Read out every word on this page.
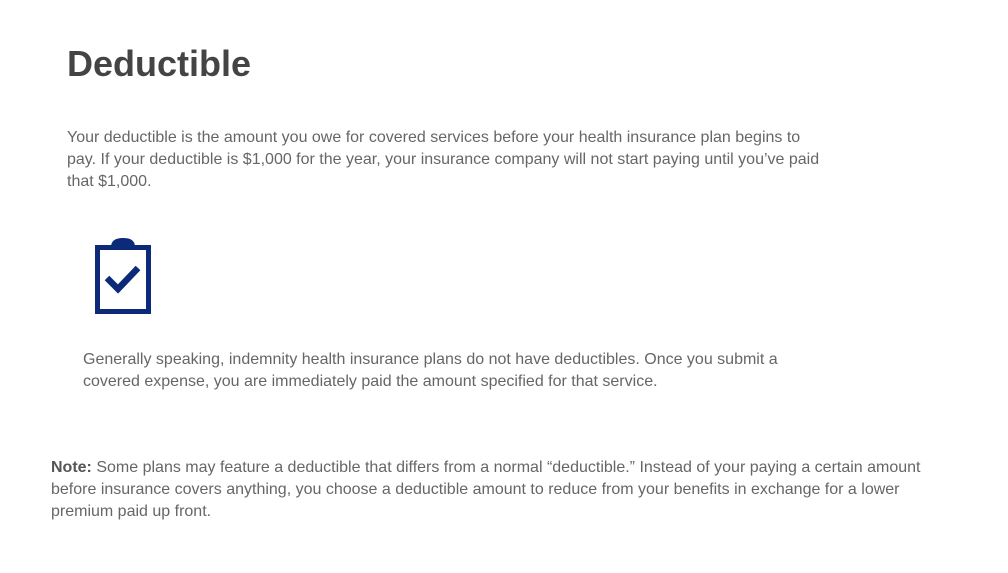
Deductible

Your deductible is the amount you owe for covered services before your health insurance plan begins to pay. If your deductible is $1,000 for the year, your insurance company will not start paying until you’ve paid that $1,000.

Generally speaking, indemnity health insurance plans do not have deductibles. Once you submit a covered expense, you are immediately paid the amount specified for that service.

Note: Some plans may feature a deductible that differs from a normal “deductible.” Instead of your paying a certain amount before insurance covers anything, you choose a deductible amount to reduce from your benefits in exchange for a lower premium paid up front.
